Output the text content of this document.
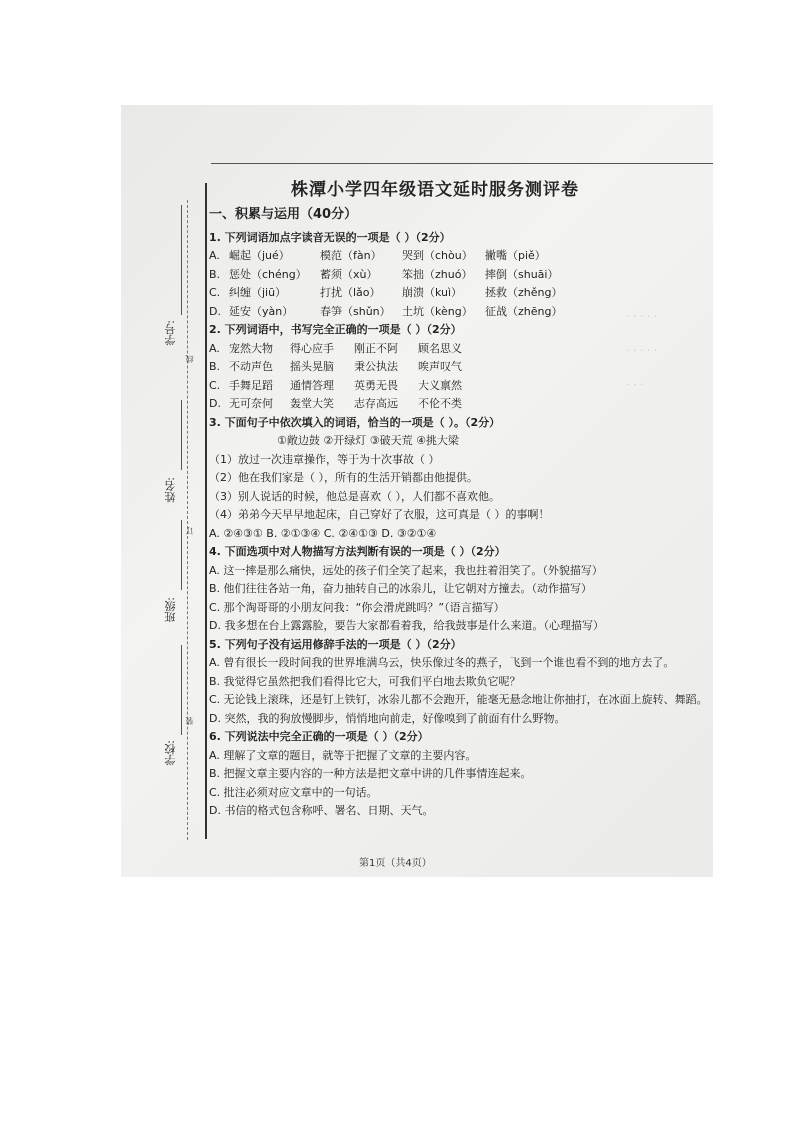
· · · · ·
· · · · ·
· · ·
学号:
姓名:
班级:
学校:
线
订
装
株潭小学四年级语文延时服务测评卷
一、积累与运用（40分）
1. 下列词语加点字读音无误的一项是（ ）（2分）
A. 崛起（jué）	模范（fàn）	哭到（chòu）	撇嘴（piě）
B. 惩处（chéng）	蓄须（xù）	笨拙（zhuó）	摔倒（shuāi）
C. 纠缠（jiū）	打扰（lǎo）	崩溃（kuì）	拯救（zhěng）
D. 延安（yàn）	春笋（shǔn）	土坑（kèng）	征战（zhēng）
2. 下列词语中，书写完全正确的一项是（ ）（2分）
A. 宠然大物	得心应手	刚正不阿	顾名思义
B. 不动声色	摇头晃脑	秉公执法	唉声叹气
C. 手舞足蹈	通情答理	英勇无畏	大义禀然
D. 无可奈何	轰堂大笑	志存高远	不伦不类
3. 下面句子中依次填入的词语，恰当的一项是（ ）。（2分）
①敞边鼓 ②开绿灯 ③破天荒 ④挑大梁
（1）放过一次违章操作，等于为十次事故（ ）
（2）他在我们家是（ ），所有的生活开销都由他提供。
（3）别人说话的时候，他总是喜欢（ ），人们都不喜欢他。
（4）弟弟今天早早地起床，自己穿好了衣服，这可真是（ ）的事啊！
A. ②④③① B. ②①③④ C. ②④①③ D. ③②①④
4. 下面选项中对人物描写方法判断有误的一项是（ ）（2分）
A. 这一摔是那么痛快，远处的孩子们全笑了起来，我也拄着泪笑了。（外貌描写）
B. 他们往往各站一角，奋力抽转自己的冰尜儿，让它朝对方撞去。（动作描写）
C. 那个淘哥哥的小朋友问我：“你会滑虎跳吗？”（语言描写）
D. 我多想在台上露露脸，要告大家都看着我，给我鼓事是什么来道。（心理描写）
5. 下列句子没有运用修辞手法的一项是（ ）（2分）
A. 曾有很长一段时间我的世界堆满乌云，快乐像过冬的燕子，飞到一个谁也看不到的地方去了。
B. 我觉得它虽然把我们看得比它大，可我们平白地去欺负它呢？
C. 无论钱上滚珠，还是钉上铁钉，冰尜儿都不会跑开，能毫无悬念地让你抽打，在冰面上旋转、舞蹈。
D. 突然，我的狗放慢脚步，悄悄地向前走，好像嗅到了前面有什么野物。
6. 下列说法中完全正确的一项是（ ）（2分）
A. 理解了文章的题目，就等于把握了文章的主要内容。
B. 把握文章主要内容的一种方法是把文章中讲的几件事情连起来。
C. 批注必须对应文章中的一句话。
D. 书信的格式包含称呼、署名、日期、天气。
第1页（共4页）
